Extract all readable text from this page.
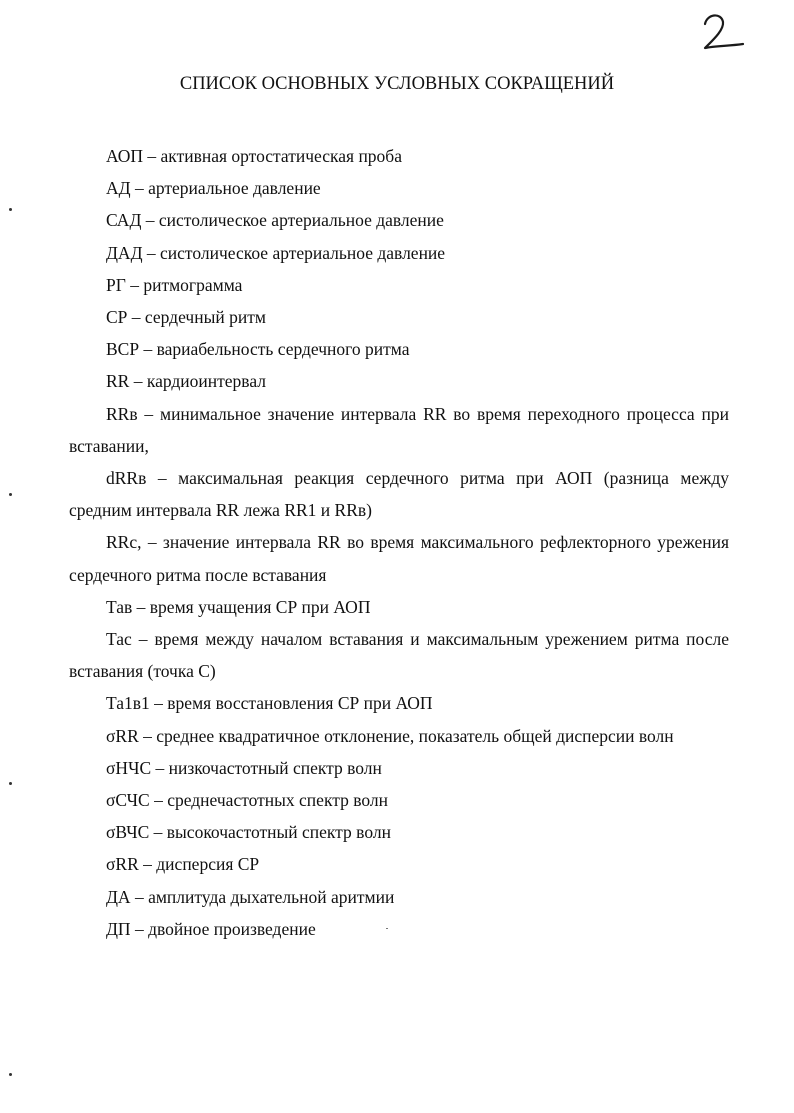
СПИСОК ОСНОВНЫХ УСЛОВНЫХ СОКРАЩЕНИЙ

АОП – активная ортостатическая проба

АД – артериальное давление

САД – систолическое артериальное давление

ДАД – систолическое артериальное давление

РГ – ритмограмма

СР – сердечный ритм

ВСР – вариабельность сердечного ритма

RR – кардиоинтервал

RRв – минимальное значение интервала RR во время переходного процесса при вставании,

dRRв – максимальная реакция сердечного ритма при АОП (разница между средним интервала RR лежа RR1 и RRв)

RRc, – значение интервала RR во время максимального рефлекторного урежения сердечного ритма после вставания

Тав – время учащения СР при АОП

Тас – время между началом вставания и максимальным урежением ритма после вставания (точка С)

Та1в1 – время восстановления СР при АОП

σRR – среднее квадратичное отклонение, показатель общей дисперсии волн

σНЧС – низкочастотный спектр волн

σСЧС – среднечастотных спектр волн

σВЧС – высокочастотный спектр волн

σRR – дисперсия СР

ДА – амплитуда дыхательной аритмии

ДП – двойное произведение
